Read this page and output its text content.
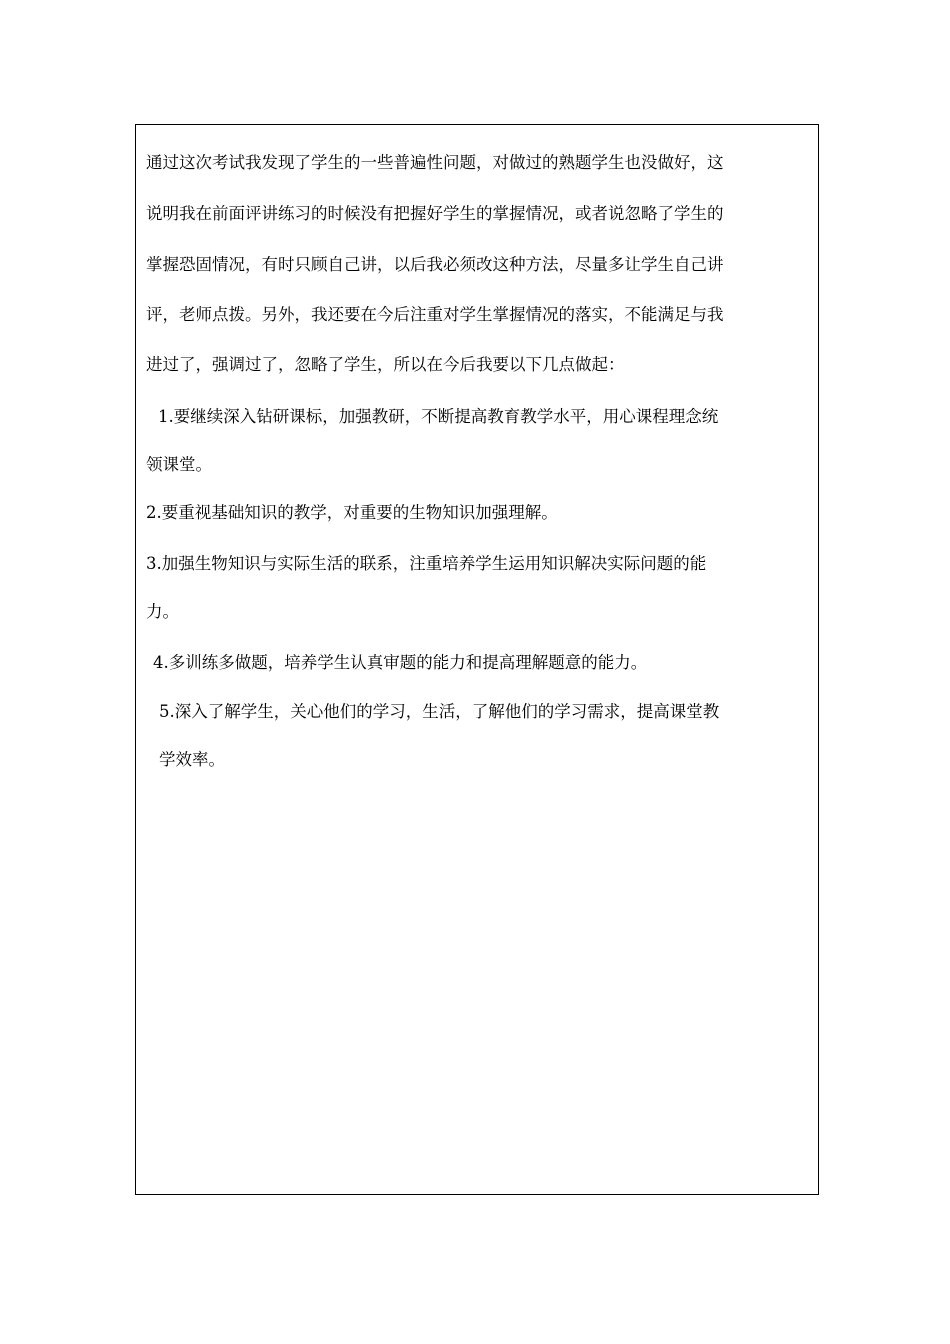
通过这次考试我发现了学生的一些普遍性问题，对做过的熟题学生也没做好，这
说明我在前面评讲练习的时候没有把握好学生的掌握情况，或者说忽略了学生的
掌握恐固情况，有时只顾自己讲，以后我必须改这种方法，尽量多让学生自己讲
评，老师点拨。另外，我还要在今后注重对学生掌握情况的落实，不能满足与我
进过了，强调过了，忽略了学生，所以在今后我要以下几点做起：
1.要继续深入钻研课标，加强教研，不断提高教育教学水平，用心课程理念统
领课堂。
2.要重视基础知识的教学，对重要的生物知识加强理解。
3.加强生物知识与实际生活的联系，注重培养学生运用知识解决实际问题的能
力。
4.多训练多做题，培养学生认真审题的能力和提高理解题意的能力。
5.深入了解学生，关心他们的学习，生活，了解他们的学习需求，提高课堂教
学效率。
